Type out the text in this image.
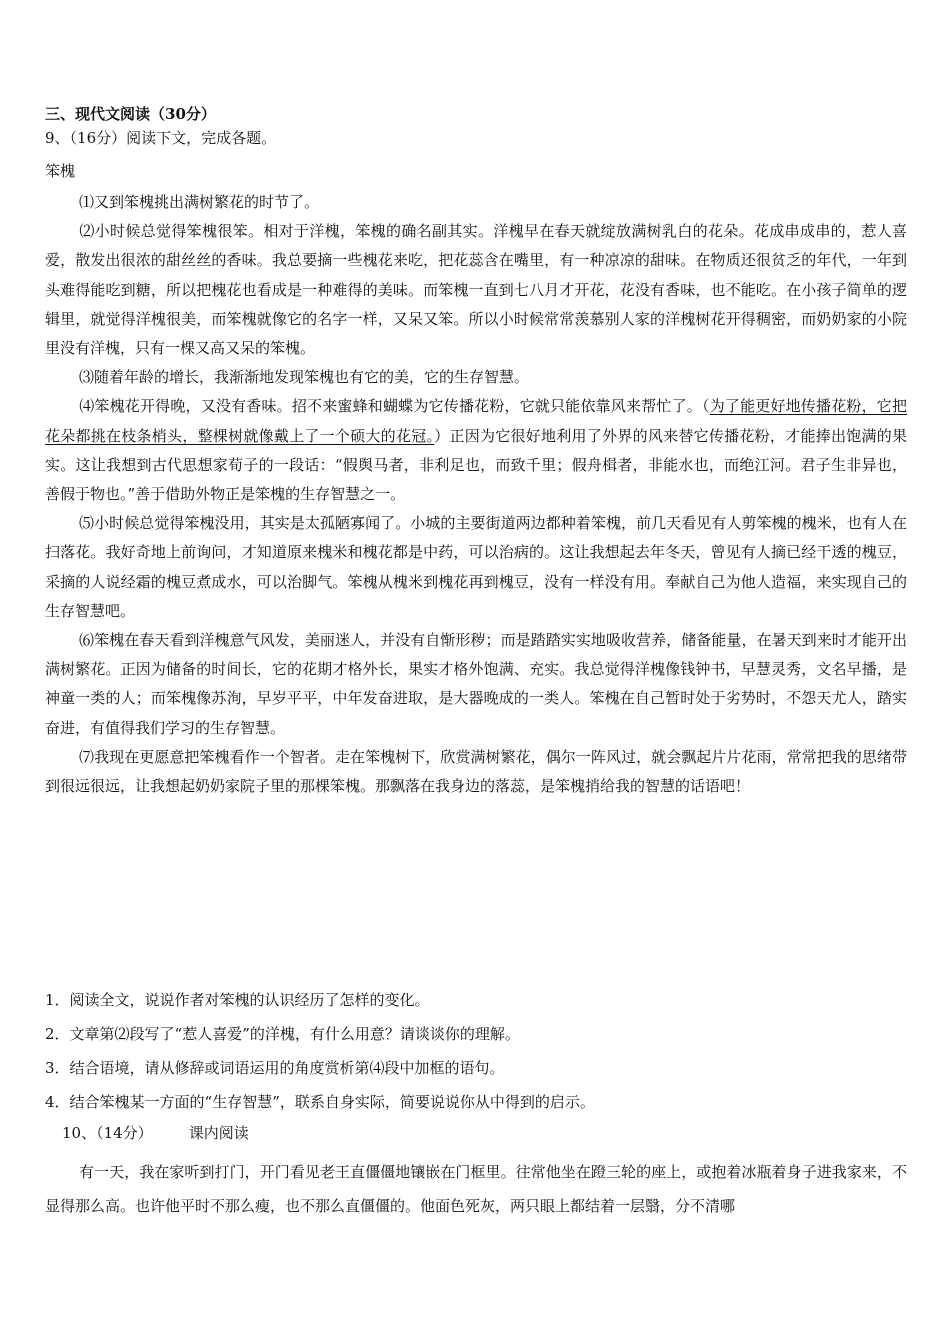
三、现代文阅读（30分）

9、（16分）阅读下文，完成各题。

笨槐

⑴又到笨槐挑出满树繁花的时节了。

⑵小时候总觉得笨槐很笨。相对于洋槐，笨槐的确名副其实。洋槐早在春天就绽放满树乳白的花朵。花成串成串的，惹人喜爱，散发出很浓的甜丝丝的香味。我总要摘一些槐花来吃，把花蕊含在嘴里，有一种凉凉的甜味。在物质还很贫乏的年代，一年到头难得能吃到糖，所以把槐花也看成是一种难得的美味。而笨槐一直到七八月才开花，花没有香味，也不能吃。在小孩子简单的逻辑里，就觉得洋槐很美，而笨槐就像它的名字一样，又呆又笨。所以小时候常常羡慕别人家的洋槐树花开得稠密，而奶奶家的小院里没有洋槐，只有一棵又高又呆的笨槐。

⑶随着年龄的增长，我渐渐地发现笨槐也有它的美，它的生存智慧。

⑷笨槐花开得晚，又没有香味。招不来蜜蜂和蝴蝶为它传播花粉，它就只能依靠风来帮忙了。（为了能更好地传播花粉，它把花朵都挑在枝条梢头，整棵树就像戴上了一个硕大的花冠。）正因为它很好地利用了外界的风来替它传播花粉，才能捧出饱满的果实。这让我想到古代思想家荀子的一段话：“假舆马者，非利足也，而致千里；假舟楫者，非能水也，而绝江河。君子生非异也，善假于物也。”善于借助外物正是笨槐的生存智慧之一。

⑸小时候总觉得笨槐没用，其实是太孤陋寡闻了。小城的主要街道两边都种着笨槐，前几天看见有人剪笨槐的槐米，也有人在扫落花。我好奇地上前询问，才知道原来槐米和槐花都是中药，可以治病的。这让我想起去年冬天，曾见有人摘已经干透的槐豆，采摘的人说经霜的槐豆煮成水，可以治脚气。笨槐从槐米到槐花再到槐豆，没有一样没有用。奉献自己为他人造福，来实现自己的生存智慧吧。

⑹笨槐在春天看到洋槐意气风发，美丽迷人，并没有自惭形秽；而是踏踏实实地吸收营养，储备能量，在暑天到来时才能开出满树繁花。正因为储备的时间长，它的花期才格外长，果实才格外饱满、充实。我总觉得洋槐像钱钟书，早慧灵秀，文名早播，是神童一类的人；而笨槐像苏洵，早岁平平，中年发奋进取，是大器晚成的一类人。笨槐在自己暂时处于劣势时，不怨天尤人，踏实奋进，有值得我们学习的生存智慧。

⑺我现在更愿意把笨槐看作一个智者。走在笨槐树下，欣赏满树繁花，偶尔一阵风过，就会飘起片片花雨，常常把我的思绪带到很远很远，让我想起奶奶家院子里的那棵笨槐。那飘落在我身边的落蕊，是笨槐捎给我的智慧的话语吧！

1．阅读全文，说说作者对笨槐的认识经历了怎样的变化。
2．文章第⑵段写了“惹人喜爱”的洋槐，有什么用意？请谈谈你的理解。
3．结合语境，请从修辞或词语运用的角度赏析第⑷段中加框的语句。
4．结合笨槐某一方面的“生存智慧”，联系自身实际，简要说说你从中得到的启示。

10、（14分） 课内阅读

有一天，我在家听到打门，开门看见老王直僵僵地镶嵌在门框里。往常他坐在蹬三轮的座上，或抱着冰瓶着身子进我家来，不显得那么高。也许他平时不那么瘦，也不那么直僵僵的。他面色死灰，两只眼上都结着一层翳，分不清哪
